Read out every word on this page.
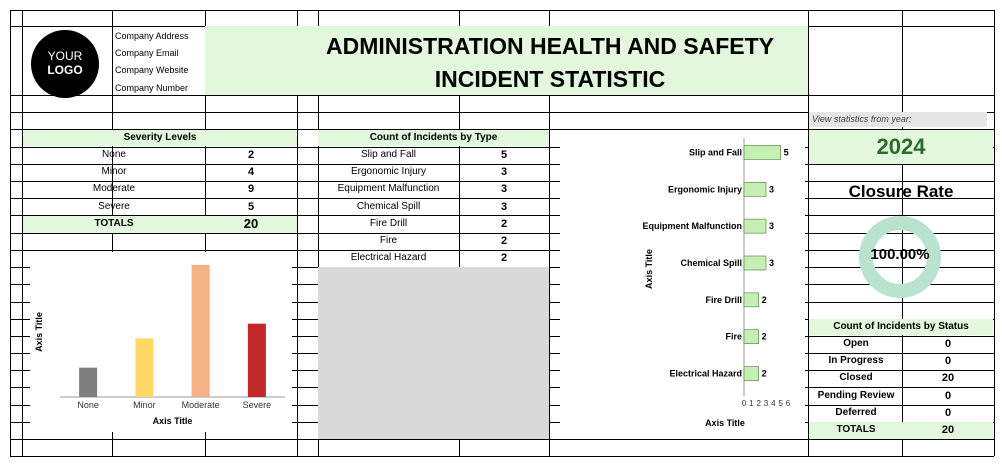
YOUR
LOGO
Company Address
Company Email
Company Website
Company Number
ADMINISTRATION HEALTH AND SAFETY
INCIDENT STATISTIC
Severity Levels
None	2
Minor	4
Moderate	9
Severe	5
TOTALS	20
None	Minor	Moderate	Severe
Axis Title
Axis Title
Count of Incidents by Type
Slip and Fall	5
Ergonomic Injury	3
Equipment Malfunction	3
Chemical Spill	3
Fire Drill	2
Fire	2
Electrical Hazard	2
Slip and Fall	5
Ergonomic Injury	3
Equipment Malfunction	3
Chemical Spill	3
Fire Drill 2
Fire 2
Electrical Hazard 2
0 1 2 3 4 5 6
Axis Title
Axis Title
View statistics from year:
2024
Closure Rate
100.00%
Count of Incidents by Status
Open	0
In Progress	0
Closed	20
Pending Review	0
Deferred	0
TOTALS	20
